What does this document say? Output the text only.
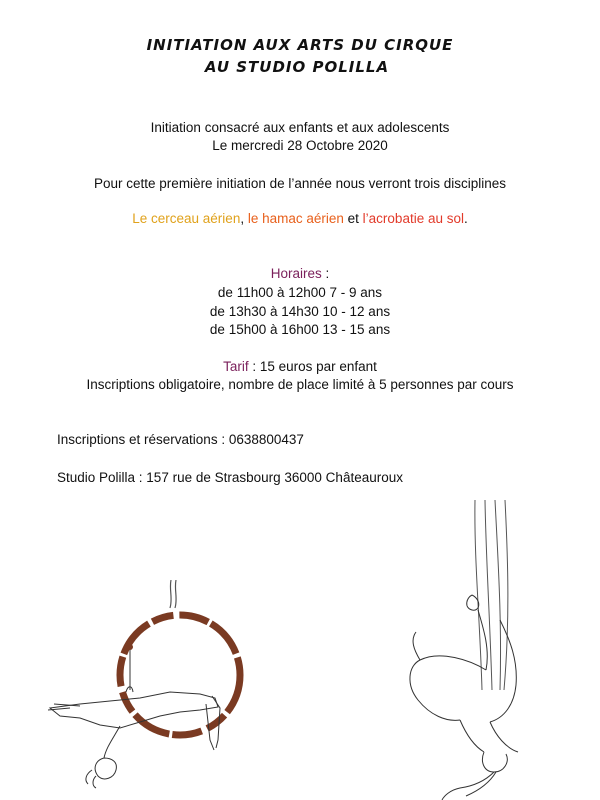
INITIATION AUX ARTS DU CIRQUE
AU STUDIO POLILLA
Initiation consacré aux enfants et aux adolescents
Le mercredi 28 Octobre 2020
Pour cette première initiation de l’année nous verront trois disciplines
Le cerceau aérien, le hamac aérien et l’acrobatie au sol.
Horaires :
de 11h00 à 12h00 7 - 9 ans
de 13h30 à 14h30 10 - 12 ans
de 15h00 à 16h00 13 - 15 ans
Tarif : 15 euros par enfant
Inscriptions obligatoire, nombre de place limité à 5 personnes par cours
Inscriptions et réservations : 0638800437
Studio Polilla : 157 rue de Strasbourg 36000 Châteauroux
